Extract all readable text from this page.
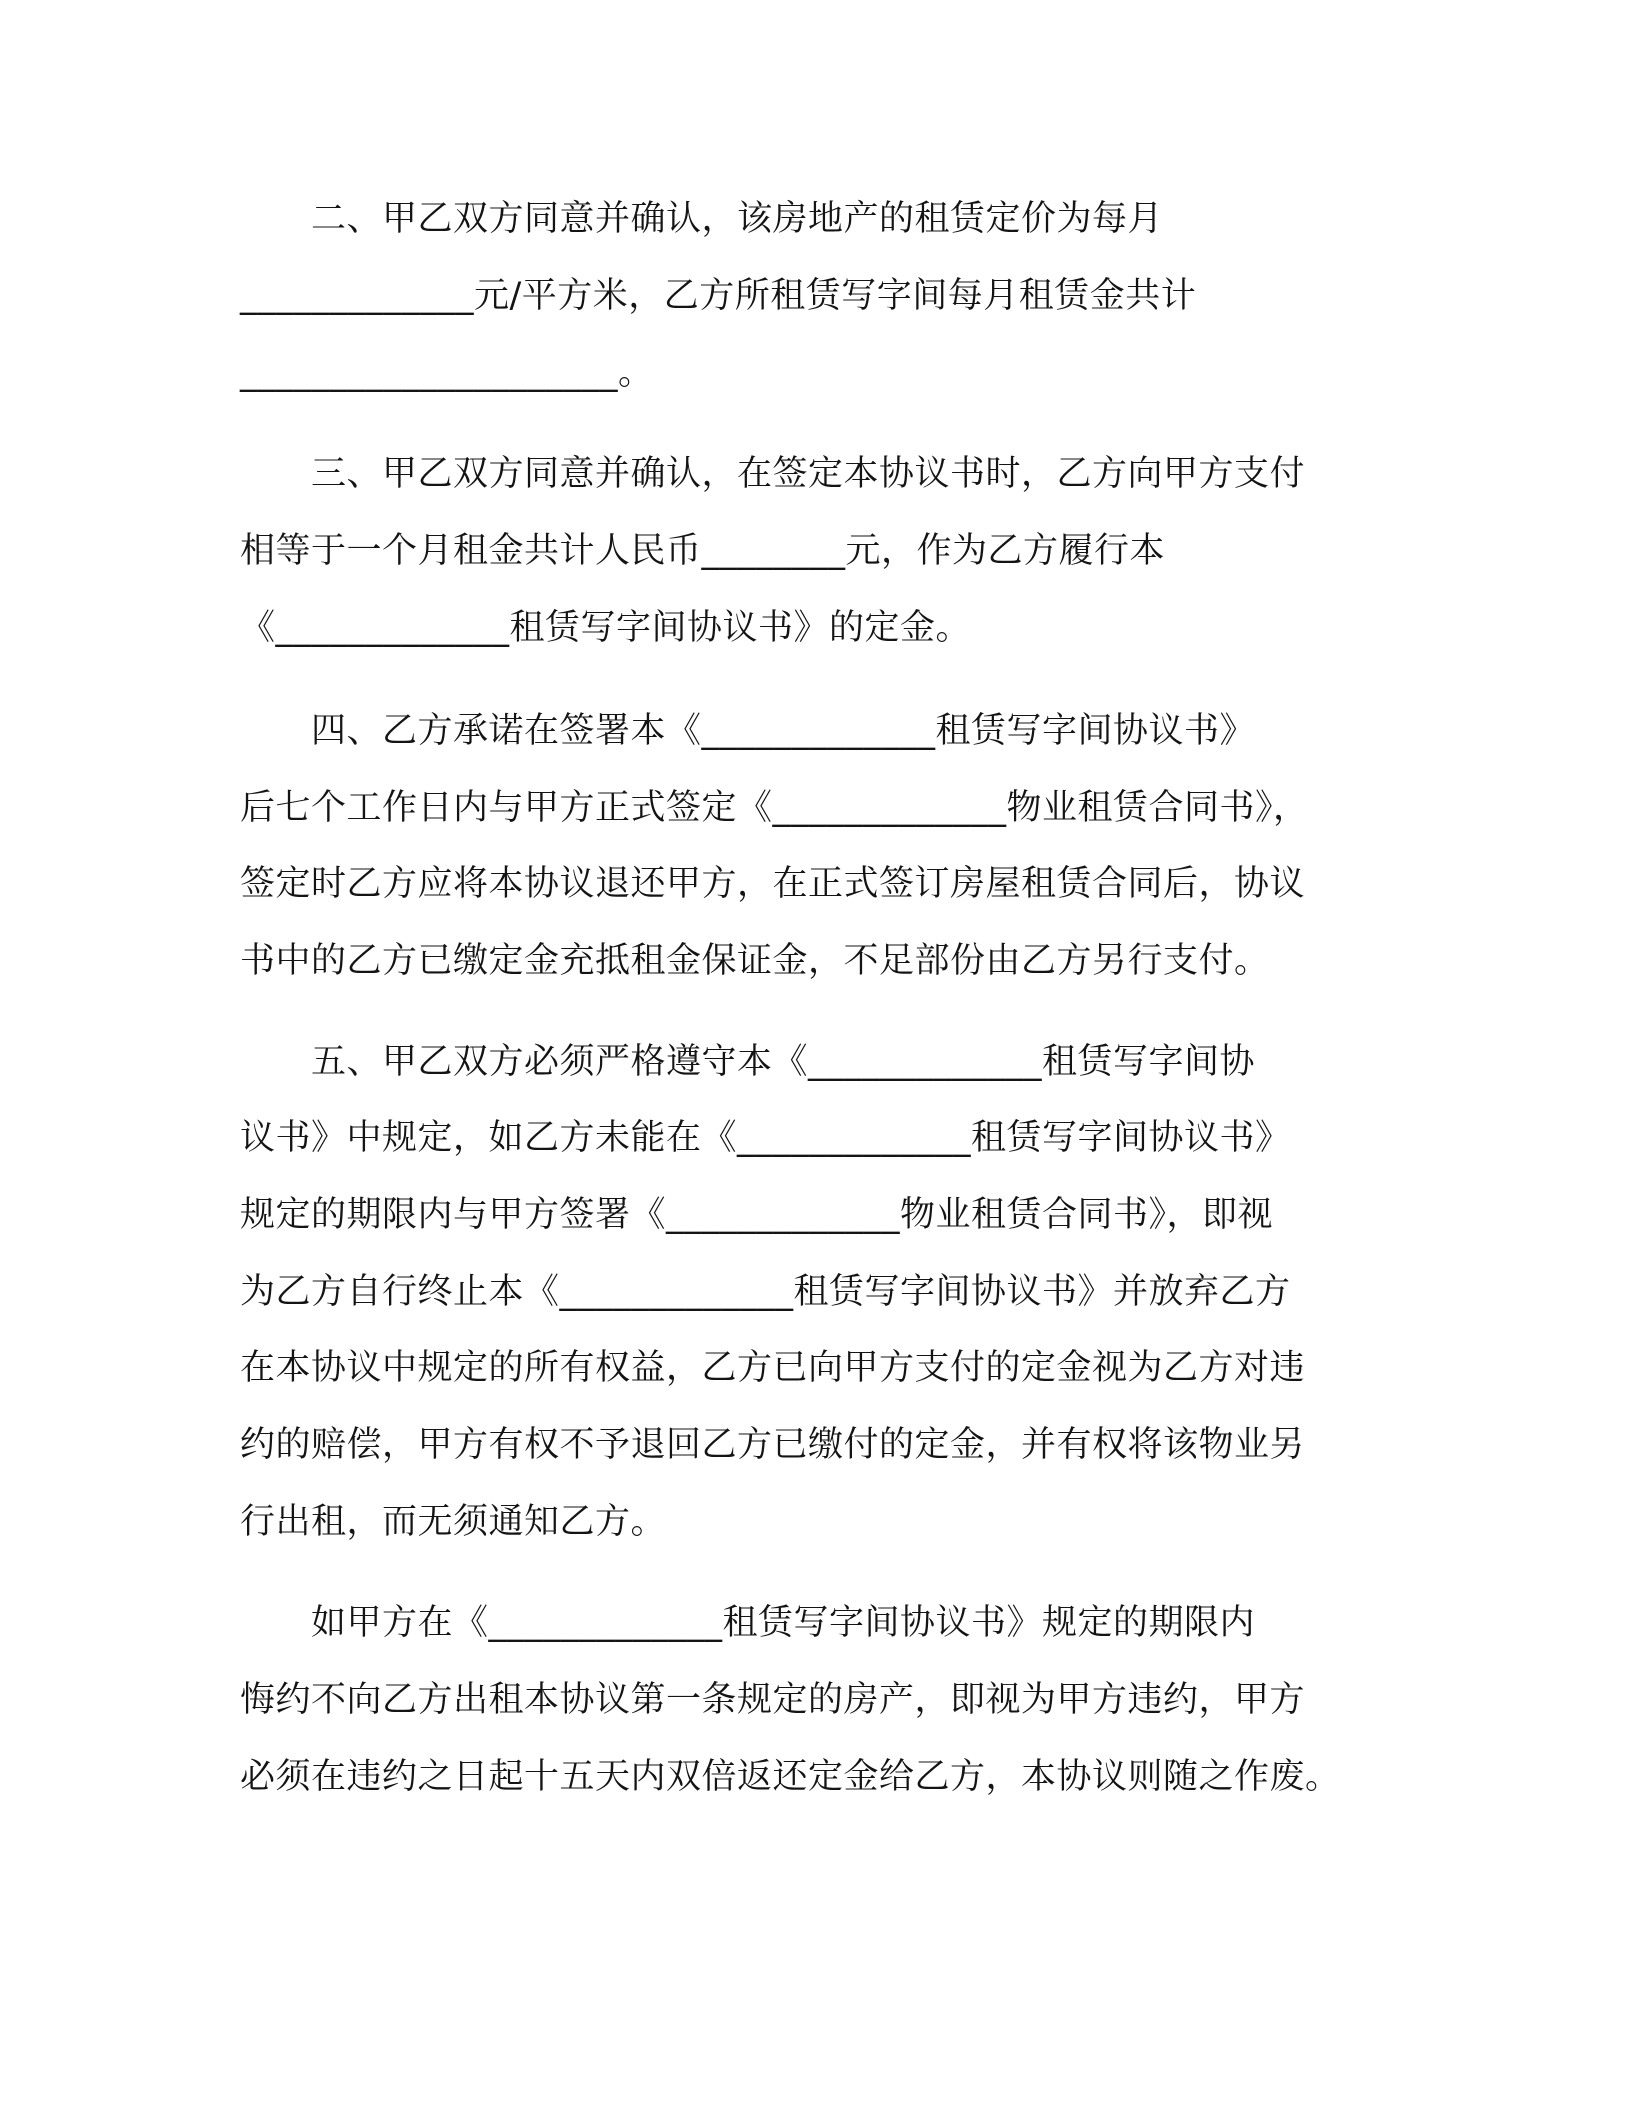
　　二、甲乙双方同意并确认，该房地产的租赁定价为每月
_____________元/平方米，乙方所租赁写字间每月租赁金共计
_____________________。
　　三、甲乙双方同意并确认，在签定本协议书时，乙方向甲方支付
相等于一个月租金共计人民币________元，作为乙方履行本
《_____________租赁写字间协议书》的定金。
　　四、乙方承诺在签署本《_____________租赁写字间协议书》
后七个工作日内与甲方正式签定《_____________物业租赁合同书》，
签定时乙方应将本协议退还甲方，在正式签订房屋租赁合同后，协议
书中的乙方已缴定金充抵租金保证金，不足部份由乙方另行支付。
　　五、甲乙双方必须严格遵守本《_____________租赁写字间协
议书》中规定，如乙方未能在《_____________租赁写字间协议书》
规定的期限内与甲方签署《_____________物业租赁合同书》，即视
为乙方自行终止本《_____________租赁写字间协议书》并放弃乙方
在本协议中规定的所有权益，乙方已向甲方支付的定金视为乙方对违
约的赔偿，甲方有权不予退回乙方已缴付的定金，并有权将该物业另
行出租，而无须通知乙方。
　　如甲方在《_____________租赁写字间协议书》规定的期限内
悔约不向乙方出租本协议第一条规定的房产，即视为甲方违约，甲方
必须在违约之日起十五天内双倍返还定金给乙方，本协议则随之作废。
